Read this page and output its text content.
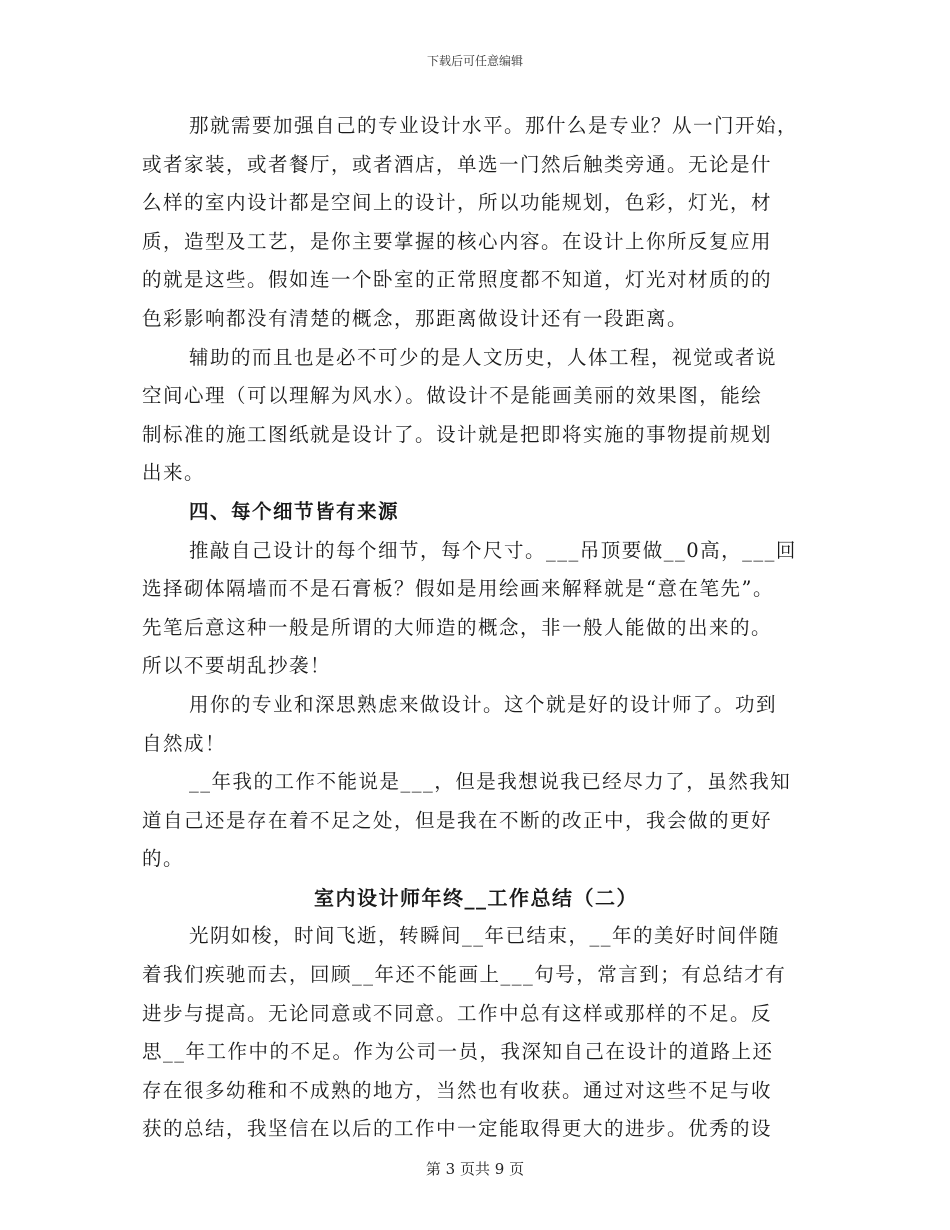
下载后可任意编辑
那就需要加强自己的专业设计水平。那什么是专业？从一门开始，
或者家装，或者餐厅，或者酒店，单选一门然后触类旁通。无论是什
么样的室内设计都是空间上的设计，所以功能规划，色彩，灯光，材
质，造型及工艺，是你主要掌握的核心内容。在设计上你所反复应用
的就是这些。假如连一个卧室的正常照度都不知道，灯光对材质的的
色彩影响都没有清楚的概念，那距离做设计还有一段距离。
辅助的而且也是必不可少的是人文历史，人体工程，视觉或者说
空间心理（可以理解为风水）。做设计不是能画美丽的效果图，能绘
制标准的施工图纸就是设计了。设计就是把即将实施的事物提前规划
出来。
四、每个细节皆有来源
推敲自己设计的每个细节，每个尺寸。___吊顶要做__0高，___回
选择砌体隔墙而不是石膏板？假如是用绘画来解释就是“意在笔先”。
先笔后意这种一般是所谓的大师造的概念，非一般人能做的出来的。
所以不要胡乱抄袭！
用你的专业和深思熟虑来做设计。这个就是好的设计师了。功到
自然成！
__年我的工作不能说是___，但是我想说我已经尽力了，虽然我知
道自己还是存在着不足之处，但是我在不断的改正中，我会做的更好
的。
室内设计师年终__工作总结（二）
光阴如梭，时间飞逝，转瞬间__年已结束，__年的美好时间伴随
着我们疾驰而去，回顾__年还不能画上___句号，常言到；有总结才有
进步与提高。无论同意或不同意。工作中总有这样或那样的不足。反
思__年工作中的不足。作为公司一员，我深知自己在设计的道路上还
存在很多幼稚和不成熟的地方，当然也有收获。通过对这些不足与收
获的总结，我坚信在以后的工作中一定能取得更大的进步。优秀的设
第 3 页共 9 页
